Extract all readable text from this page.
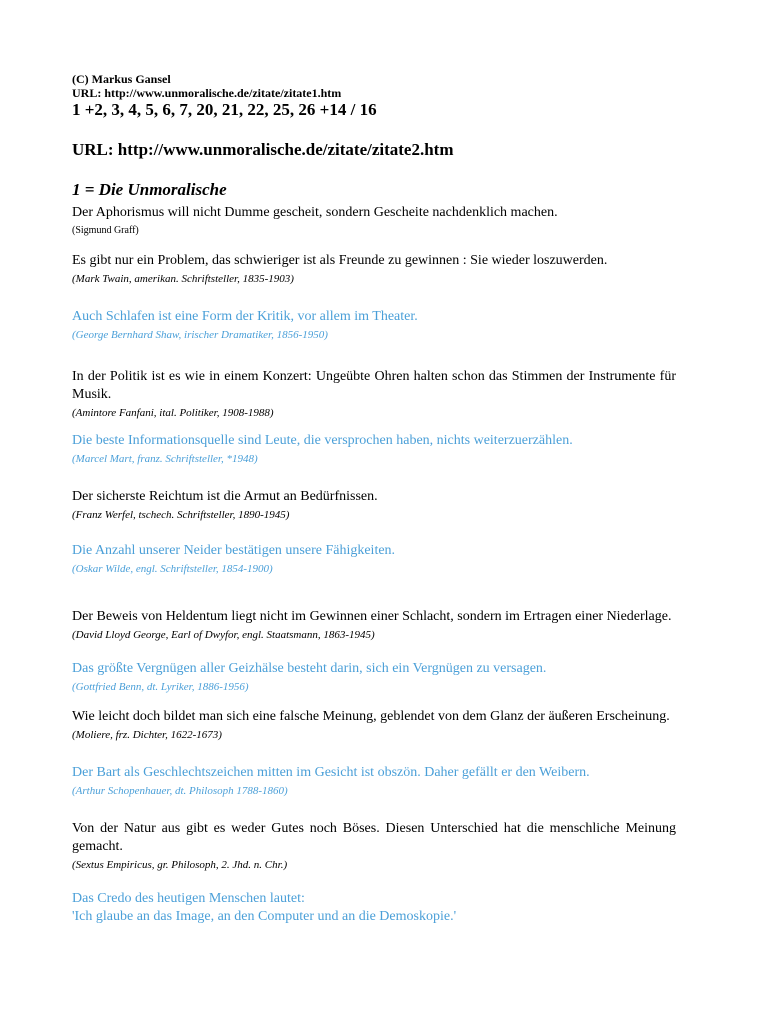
(C) Markus Gansel

URL: http://www.unmoralische.de/zitate/zitate1.htm

1 +2, 3, 4, 5, 6, 7, 20, 21, 22, 25, 26 +14 / 16

URL: http://www.unmoralische.de/zitate/zitate2.htm

1 = Die Unmoralische

Der Aphorismus will nicht Dumme gescheit, sondern Gescheite nachdenklich machen.

(Sigmund Graff)

Es gibt nur ein Problem, das schwieriger ist als Freunde zu gewinnen : Sie wieder loszuwerden.

(Mark Twain, amerikan. Schriftsteller, 1835-1903)

Auch Schlafen ist eine Form der Kritik, vor allem im Theater.

(George Bernhard Shaw, irischer Dramatiker, 1856-1950)

In der Politik ist es wie in einem Konzert: Ungeübte Ohren halten schon das Stimmen der Instrumente für Musik.

(Amintore Fanfani, ital. Politiker, 1908-1988)

Die beste Informationsquelle sind Leute, die versprochen haben, nichts weiterzuerzählen.

(Marcel Mart, franz. Schriftsteller, *1948)

Der sicherste Reichtum ist die Armut an Bedürfnissen.

(Franz Werfel, tschech. Schriftsteller, 1890-1945)

Die Anzahl unserer Neider bestätigen unsere Fähigkeiten.

(Oskar Wilde, engl. Schriftsteller, 1854-1900)

Der Beweis von Heldentum liegt nicht im Gewinnen einer Schlacht, sondern im Ertragen einer Niederlage.

(David Lloyd George, Earl of Dwyfor, engl. Staatsmann, 1863-1945)

Das größte Vergnügen aller Geizhälse besteht darin, sich ein Vergnügen zu versagen.

(Gottfried Benn, dt. Lyriker, 1886-1956)

Wie leicht doch bildet man sich eine falsche Meinung, geblendet von dem Glanz der äußeren Erscheinung.

(Moliere, frz. Dichter, 1622-1673)

Der Bart als Geschlechtszeichen mitten im Gesicht ist obszön. Daher gefällt er den Weibern.

(Arthur Schopenhauer, dt. Philosoph 1788-1860)

Von der Natur aus gibt es weder Gutes noch Böses. Diesen Unterschied hat die menschliche Meinung gemacht.

(Sextus Empiricus, gr. Philosoph, 2. Jhd. n. Chr.)

Das Credo des heutigen Menschen lautet:

'Ich glaube an das Image, an den Computer und an die Demoskopie.'
